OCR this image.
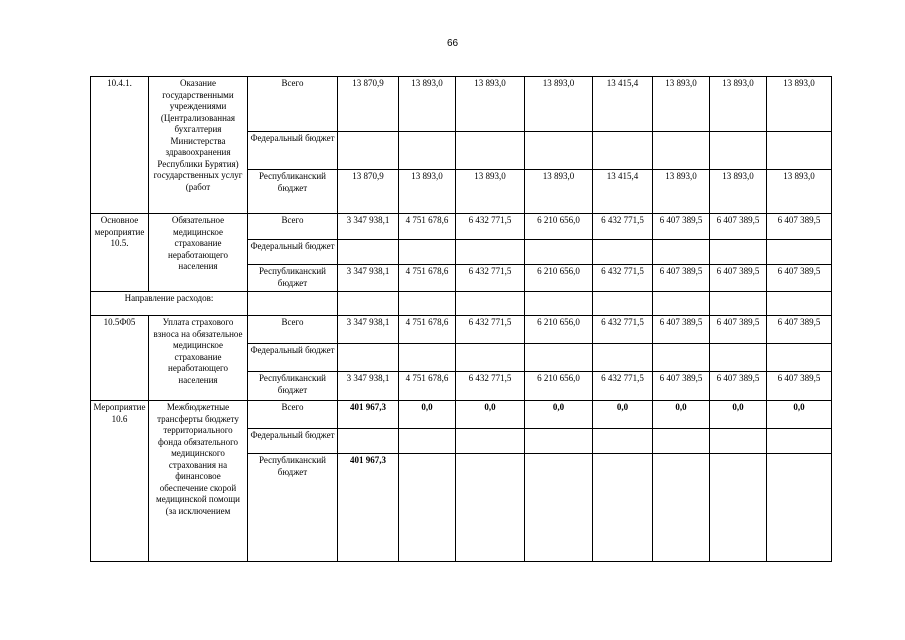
66
10.4.1.	Оказание государственными учреждениями (Централизованная бухгалтерия Министерства здравоохранения Республики Бурятия) государственных услуг (работ	Всего	13 870,9	13 893,0	13 893,0	13 893,0	13 415,4	13 893,0	13 893,0	13 893,0
		Федеральный бюджет								
		Республиканский бюджет	13 870,9	13 893,0	13 893,0	13 893,0	13 415,4	13 893,0	13 893,0	13 893,0
Основное мероприятие 10.5.	Обязательное медицинское страхование неработающего населения	Всего	3 347 938,1	4 751 678,6	6 432 771,5	6 210 656,0	6 432 771,5	6 407 389,5	6 407 389,5	6 407 389,5
		Федеральный бюджет								
		Республиканский бюджет	3 347 938,1	4 751 678,6	6 432 771,5	6 210 656,0	6 432 771,5	6 407 389,5	6 407 389,5	6 407 389,5
Направление расходов:										
10.5Ф05	Уплата страхового взноса на обязательное медицинское страхование неработающего населения	Всего	3 347 938,1	4 751 678,6	6 432 771,5	6 210 656,0	6 432 771,5	6 407 389,5	6 407 389,5	6 407 389,5
		Федеральный бюджет								
		Республиканский бюджет	3 347 938,1	4 751 678,6	6 432 771,5	6 210 656,0	6 432 771,5	6 407 389,5	6 407 389,5	6 407 389,5
Мероприятие 10.6	Межбюджетные трансферты бюджету территориального фонда обязательного медицинского страхования на финансовое обеспечение скорой медицинской помощи (за исключением	Всего	401 967,3	0,0	0,0	0,0	0,0	0,0	0,0	0,0
		Федеральный бюджет								
		Республиканский бюджет	401 967,3							
